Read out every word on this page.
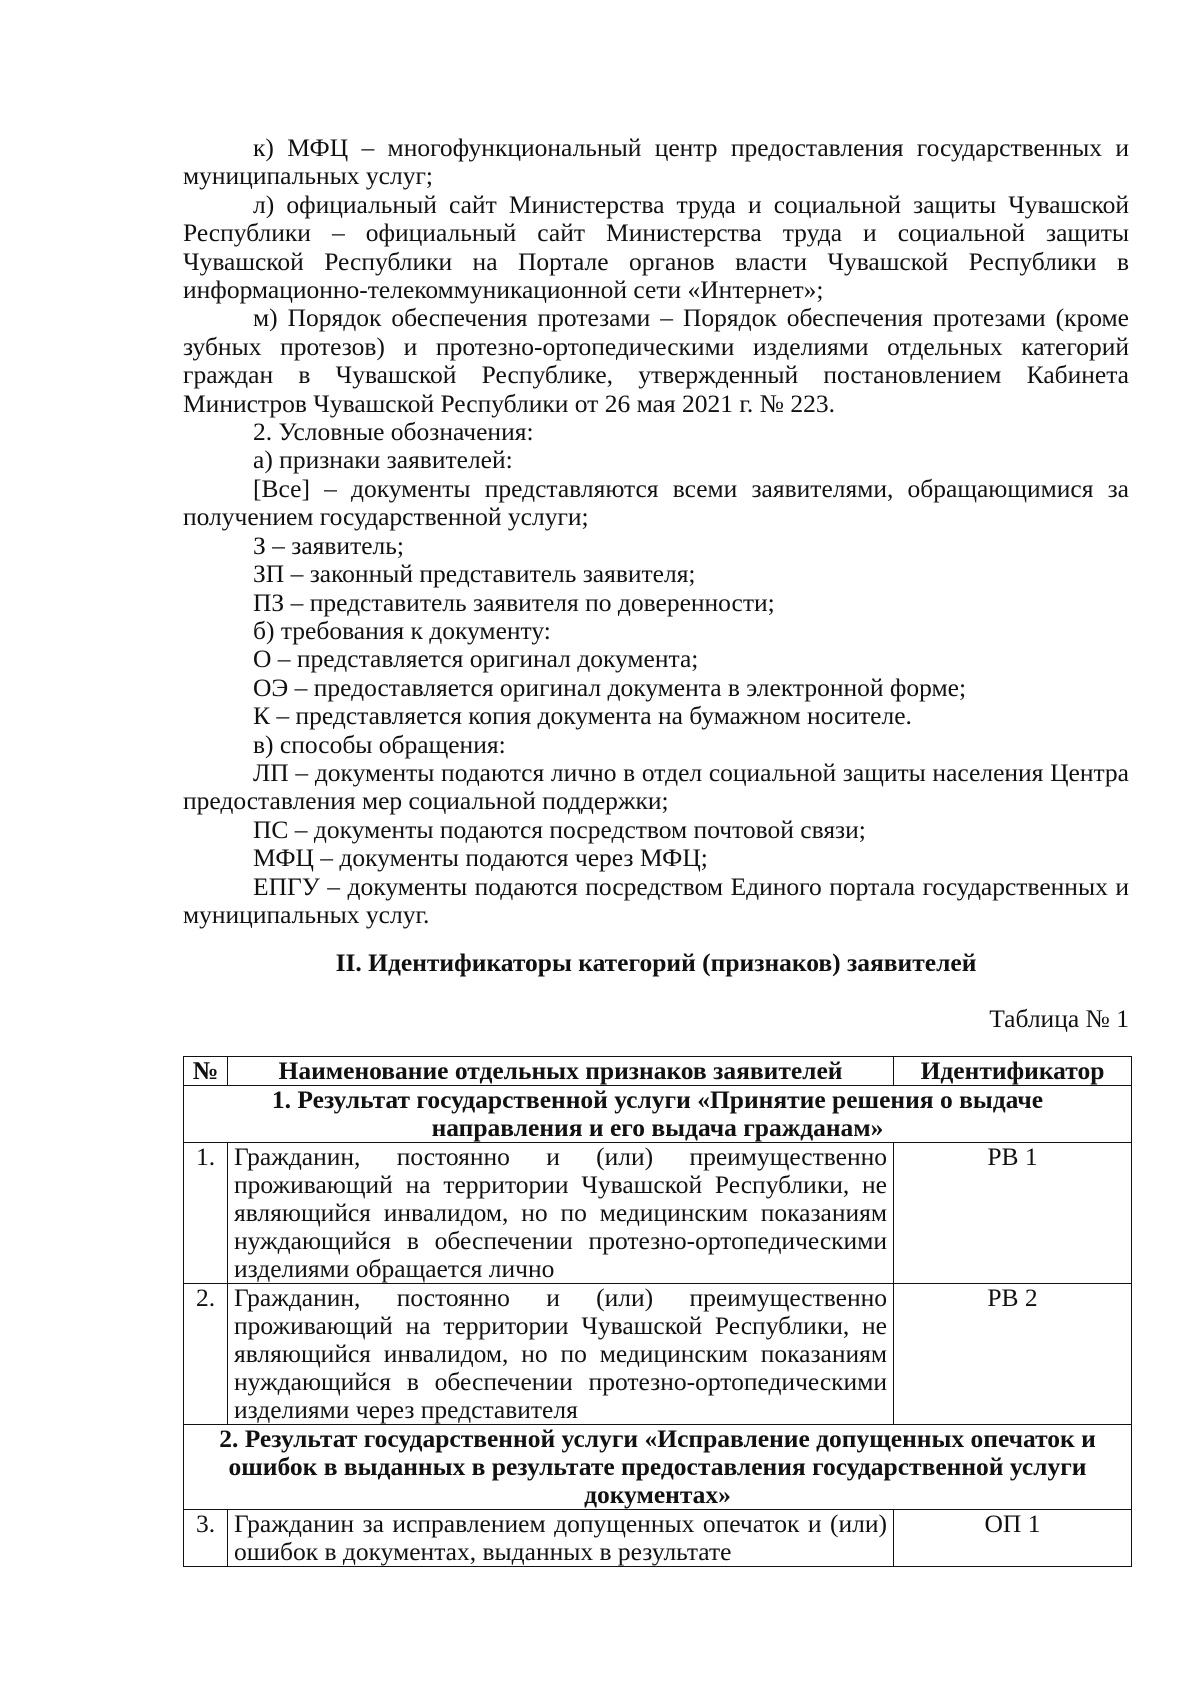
к) МФЦ – многофункциональный центр предоставления государственных и муниципальных услуг;

л) официальный сайт Министерства труда и социальной защиты Чувашской Республики – официальный сайт Министерства труда и социальной защиты Чувашской Республики на Портале органов власти Чувашской Республики в информационно-телекоммуникационной сети «Интернет»;

м) Порядок обеспечения протезами – Порядок обеспечения протезами (кроме зубных протезов) и протезно-ортопедическими изделиями отдельных категорий граждан в Чувашской Республике, утвержденный постановлением Кабинета Министров Чувашской Республики от 26 мая 2021 г. № 223.

2. Условные обозначения:

а) признаки заявителей:

[Все] – документы представляются всеми заявителями, обращающимися за получением государственной услуги;

З – заявитель;

ЗП – законный представитель заявителя;

ПЗ – представитель заявителя по доверенности;

б) требования к документу:

О – представляется оригинал документа;

ОЭ – предоставляется оригинал документа в электронной форме;

К – представляется копия документа на бумажном носителе.

в) способы обращения:

ЛП – документы подаются лично в отдел социальной защиты населения Центра предоставления мер социальной поддержки;

ПС – документы подаются посредством почтовой связи;

МФЦ – документы подаются через МФЦ;

ЕПГУ – документы подаются посредством Единого портала государственных и муниципальных услуг.

II. Идентификаторы категорий (признаков) заявителей

Таблица № 1

№	Наименование отдельных признаков заявителей	Идентификатор
1. Результат государственной услуги «Принятие решения о выдаче направления и его выдача гражданам»		
1.	Гражданин, постоянно и (или) преимущественно проживающий на территории Чувашской Республики, не являющийся инвалидом, но по медицинским показаниям нуждающийся в обеспечении протезно-ортопедическими изделиями обращается лично	РВ 1
2.	Гражданин, постоянно и (или) преимущественно проживающий на территории Чувашской Республики, не являющийся инвалидом, но по медицинским показаниям нуждающийся в обеспечении протезно-ортопедическими изделиями через представителя	РВ 2
2. Результат государственной услуги «Исправление допущенных опечаток и ошибок в выданных в результате предоставления государственной услуги документах»		
3.	Гражданин за исправлением допущенных опечаток и (или) ошибок в документах, выданных в результате	ОП 1
